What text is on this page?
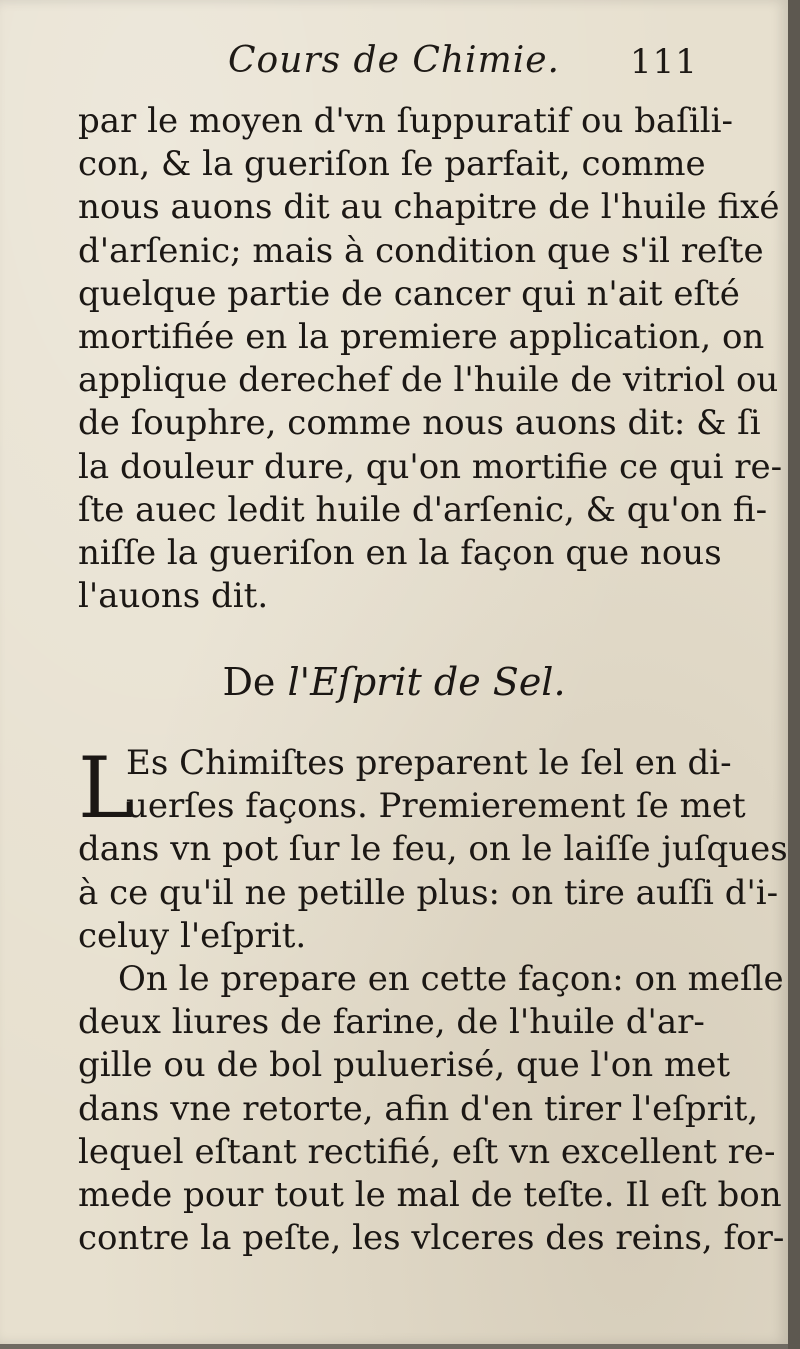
Cours de Chimie. 111
par le moyen d'vn ſuppuratif ou baſili-
con, & la gueriſon ſe parfait, comme
nous auons dit au chapitre de l'huile fixé
d'arſenic; mais à condition que s'il reſte
quelque partie de cancer qui n'ait eſté
mortifiée en la premiere application, on
applique derechef de l'huile de vitriol ou
de ſouphre, comme nous auons dit: & ſi
la douleur dure, qu'on mortifie ce qui re-
ſte auec ledit huile d'arſenic, & qu'on fi-
niſſe la gueriſon en la façon que nous
l'auons dit.
De l'Eſprit de Sel.
L
Es Chimiſtes preparent le ſel en di-
uerſes façons. Premierement ſe met
dans vn pot ſur le feu, on le laiſſe juſques
à ce qu'il ne petille plus: on tire auſſi d'i-
celuy l'eſprit.
On le prepare en cette façon: on meſle
deux liures de farine, de l'huile d'ar-
gille ou de bol puluerisé, que l'on met
dans vne retorte, afin d'en tirer l'eſprit,
lequel eſtant rectifié, eſt vn excellent re-
mede pour tout le mal de teſte. Il eſt bon
contre la peſte, les vlceres des reins, for-
